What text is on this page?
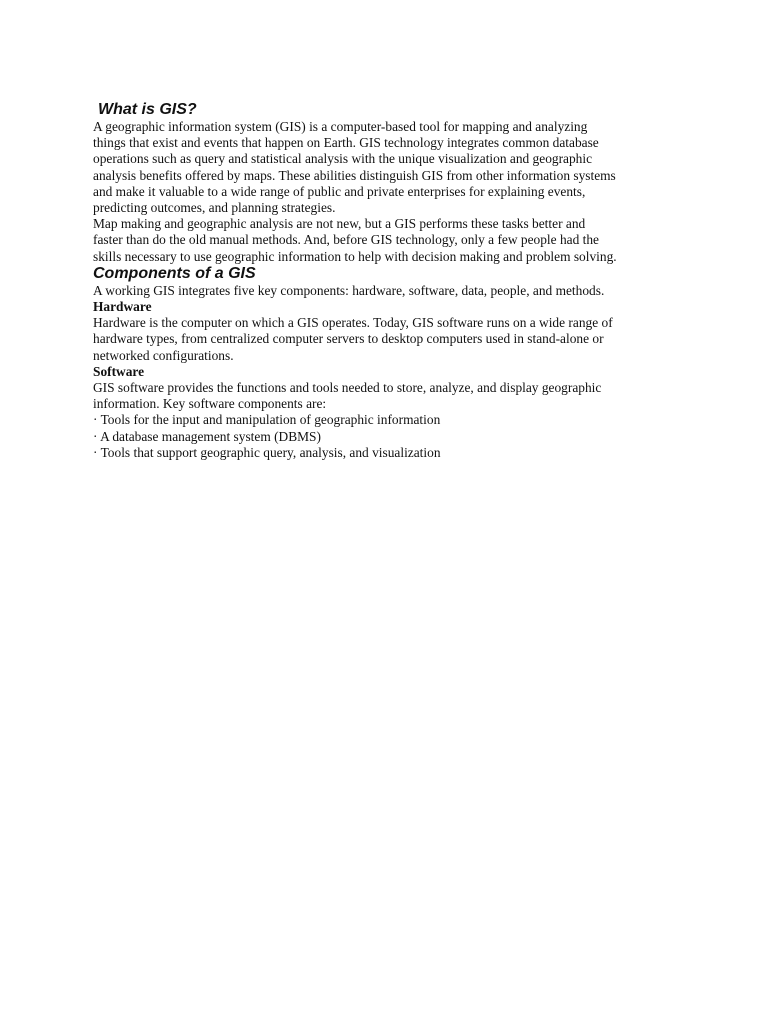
What is GIS?
A geographic information system (GIS) is a computer-based tool for mapping and analyzing
things that exist and events that happen on Earth. GIS technology integrates common database
operations such as query and statistical analysis with the unique visualization and geographic
analysis benefits offered by maps. These abilities distinguish GIS from other information systems
and make it valuable to a wide range of public and private enterprises for explaining events,
predicting outcomes, and planning strategies.
Map making and geographic analysis are not new, but a GIS performs these tasks better and
faster than do the old manual methods. And, before GIS technology, only a few people had the
skills necessary to use geographic information to help with decision making and problem solving.
Components of a GIS
A working GIS integrates five key components: hardware, software, data, people, and methods.
Hardware
Hardware is the computer on which a GIS operates. Today, GIS software runs on a wide range of
hardware types, from centralized computer servers to desktop computers used in stand-alone or
networked configurations.
Software
GIS software provides the functions and tools needed to store, analyze, and display geographic
information. Key software components are:
· Tools for the input and manipulation of geographic information
· A database management system (DBMS)
· Tools that support geographic query, analysis, and visualization
